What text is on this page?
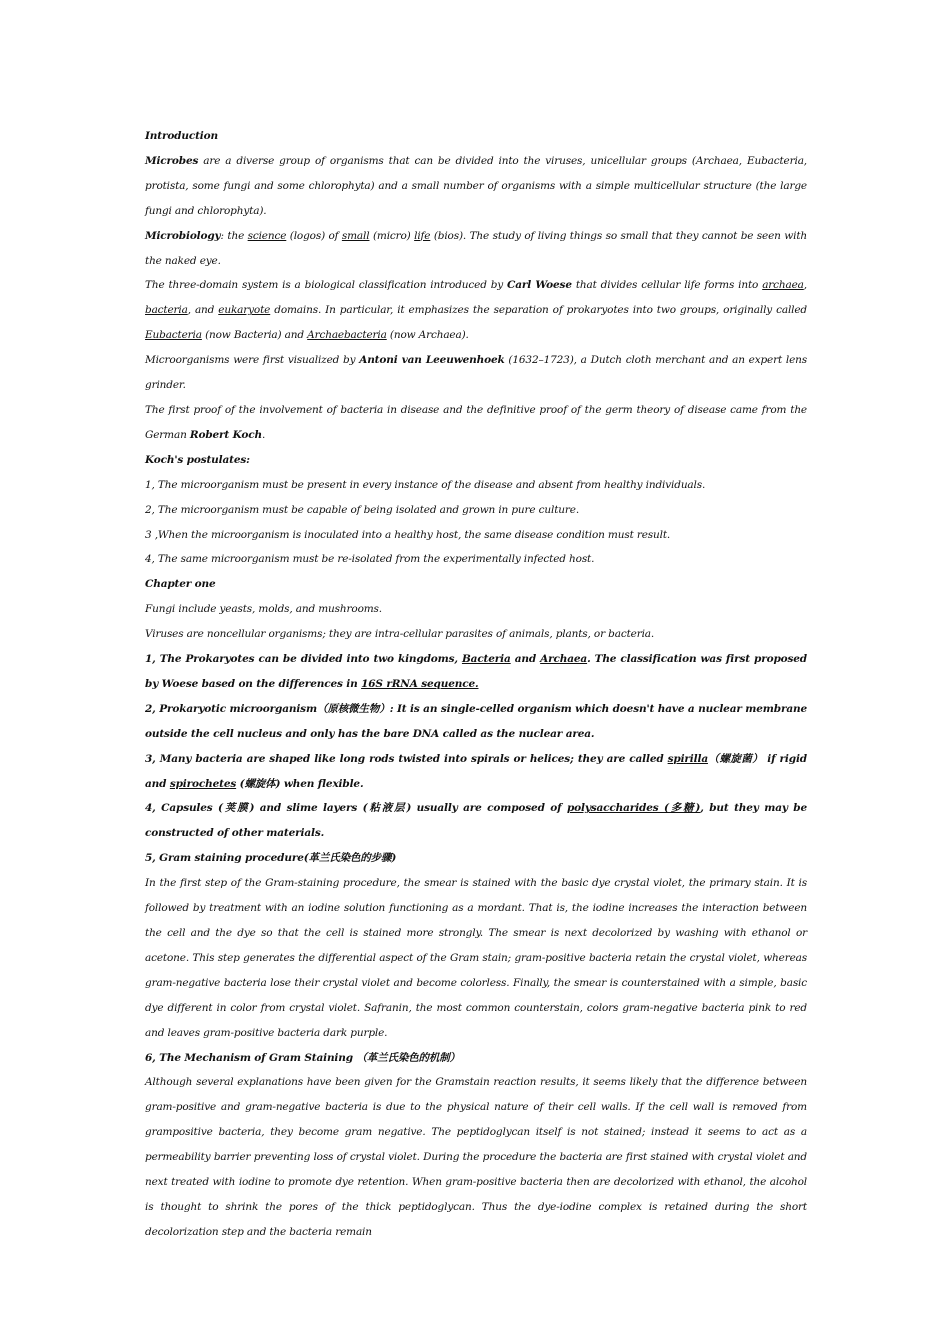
Introduction

Microbes are a diverse group of organisms that can be divided into the viruses, unicellular groups (Archaea, Eubacteria, protista, some fungi and some chlorophyta) and a small number of organisms with a simple multicellular structure (the large fungi and chlorophyta).

Microbiology: the science (logos) of small (micro) life (bios). The study of living things so small that they cannot be seen with the naked eye.

The three-domain system is a biological classification introduced by Carl Woese that divides cellular life forms into archaea, bacteria, and eukaryote domains. In particular, it emphasizes the separation of prokaryotes into two groups, originally called Eubacteria (now Bacteria) and Archaebacteria (now Archaea).

Microorganisms were first visualized by Antoni van Leeuwenhoek (1632–1723), a Dutch cloth merchant and an expert lens grinder.

The first proof of the involvement of bacteria in disease and the definitive proof of the germ theory of disease came from the German Robert Koch.

Koch's postulates:

1, The microorganism must be present in every instance of the disease and absent from healthy individuals.

2, The microorganism must be capable of being isolated and grown in pure culture.

3 ,When the microorganism is inoculated into a healthy host, the same disease condition must result.

4, The same microorganism must be re-isolated from the experimentally infected host.

Chapter one

Fungi include yeasts, molds, and mushrooms.

Viruses are noncellular organisms; they are intra-cellular parasites of animals, plants, or bacteria.

1, The Prokaryotes can be divided into two kingdoms, Bacteria and Archaea. The classification was first proposed by Woese based on the differences in 16S rRNA sequence.

2, Prokaryotic microorganism（原核微生物）: It is an single-celled organism which doesn't have a nuclear membrane outside the cell nucleus and only has the bare DNA called as the nuclear area.

3, Many bacteria are shaped like long rods twisted into spirals or helices; they are called spirilla（螺旋菌） if rigid and spirochetes (螺旋体) when flexible.

4, Capsules (荚膜) and slime layers (粘液层) usually are composed of polysaccharides (多糖), but they may be constructed of other materials.

5, Gram staining procedure(革兰氏染色的步骤)

In the first step of the Gram-staining procedure, the smear is stained with the basic dye crystal violet, the primary stain. It is followed by treatment with an iodine solution functioning as a mordant. That is, the iodine increases the interaction between the cell and the dye so that the cell is stained more strongly. The smear is next decolorized by washing with ethanol or acetone. This step generates the differential aspect of the Gram stain; gram-positive bacteria retain the crystal violet, whereas gram-negative bacteria lose their crystal violet and become colorless. Finally, the smear is counterstained with a simple, basic dye different in color from crystal violet. Safranin, the most common counterstain, colors gram-negative bacteria pink to red and leaves gram-positive bacteria dark purple.

6, The Mechanism of Gram Staining （革兰氏染色的机制）

Although several explanations have been given for the Gramstain reaction results, it seems likely that the difference between gram-positive and gram-negative bacteria is due to the physical nature of their cell walls. If the cell wall is removed from grampositive bacteria, they become gram negative. The peptidoglycan itself is not stained; instead it seems to act as a permeability barrier preventing loss of crystal violet. During the procedure the bacteria are first stained with crystal violet and next treated with iodine to promote dye retention. When gram-positive bacteria then are decolorized with ethanol, the alcohol is thought to shrink the pores of the thick peptidoglycan. Thus the dye-iodine complex is retained during the short decolorization step and the bacteria remain
